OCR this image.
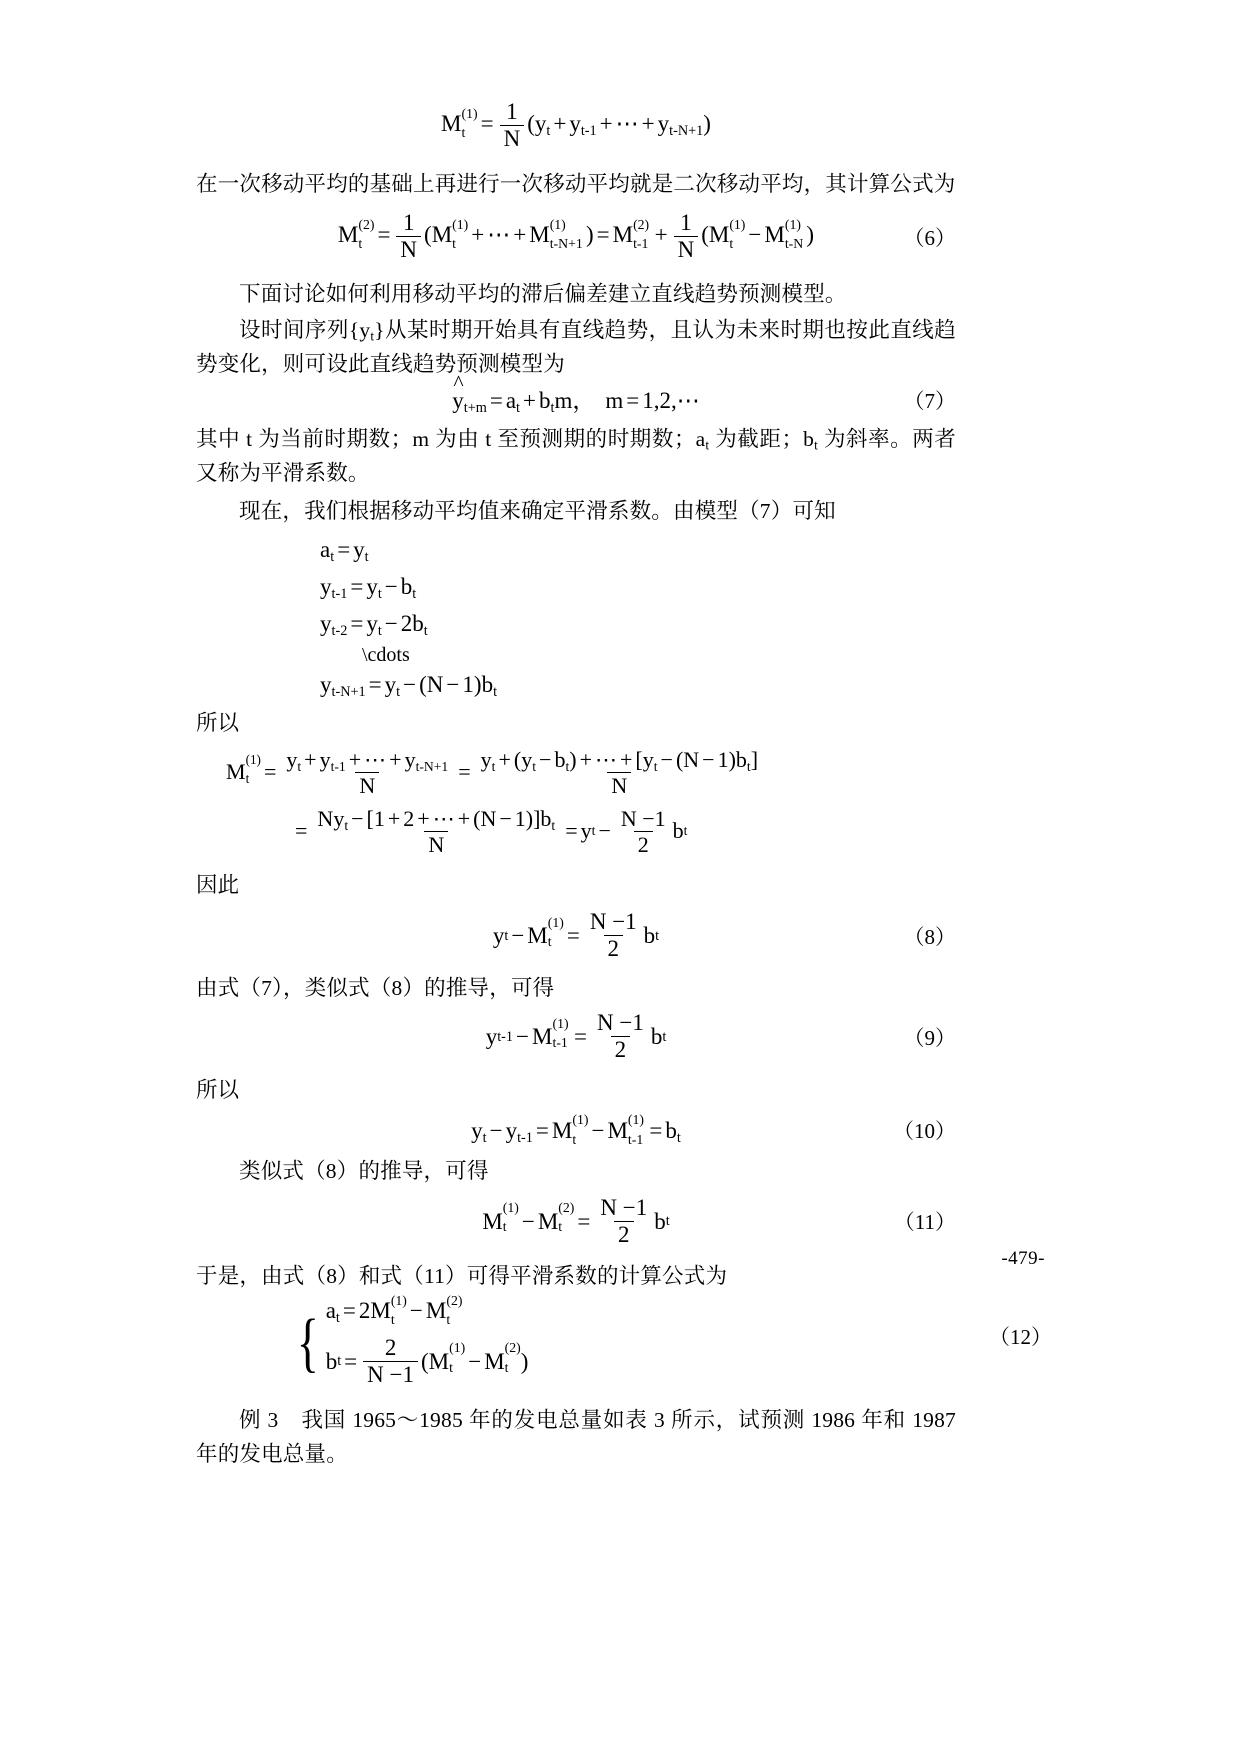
M (1)
$t = \frac{1}{N} (y_t + y_{t-1}$ + ⋯ + $y_{t-N+1}$)

在一次移动平均的基础上再进行一次移动平均就是二次移动平均，其计算公式为

M (2)
$t = \frac{1}{N} (M$ (1)
t + ⋯ + M (1)
t-N+1 ) = M (2)
$t-1 + \frac{1}{N} (M$ (1)
t − M (1)
t-N )	（6）

下面讨论如何利用移动平均的滞后偏差建立直线趋势预测模型。

设时间序列$\{y_t\}$从某时期开始具有直线趋势，且认为未来时期也按此直线趋势变化，则可设此直线趋势预测模型为

^ $y_{t+m} = a_t + b_tm$， m = 1,2,⋯	（7）

其中 t 为当前时期数；m 为由 t 至预测期的时期数；$a_t$ 为截距；$b_t$ 为斜率。两者又称为平滑系数。

现在，我们根据移动平均值来确定平滑系数。由模型（7）可知

$a_t = y_t$
$y_{t-1} = y_t - b_t$
$y_{t-2} = y_t - 2b_t$
\cdots
$y_{t-N+1} = y_t - (N - 1)b_t$

所以

M (1)
$t = \frac{y_t + y_{t-1} + \cdots + y_{t-N+1}}{N} = \frac{y_t + (y_t - b_t) + \cdots + [y_t - (N - 1)b_t]}{N}$
= $\frac{Ny_t - [1 + 2 + \cdots + (N - 1)]b_t}{N} = y$ $t - \frac{N -1}{2}$ b t

因此

y t − M
(1)
$t = \frac{N -1}{2}$ b t	（8）

由式（7），类似式（8）的推导，可得

y t-1 − M
(1)
$t-1 = \frac{N -1}{2}$ b t	（9）

所以

$y_t - y_{t-1} = M$ (1)
t − M (1)
$t-1 = b_t$	（10）

类似式（8）的推导，可得

M
(1)
t − M
(2)
$t = \frac{N -1}{2}$ b t	（11）

于是，由式（8）和式（11）可得平滑系数的计算公式为

{ $a_t = 2M$ (1)
t − M (2)
t
b $t = \frac{2}{N -1}$ ( M
(1)
t − M
(2)
t )
（12）

例 3　我国 1965～1985 年的发电总量如表 3 所示，试预测 1986 年和 1987 年的发电总量。

-479-
